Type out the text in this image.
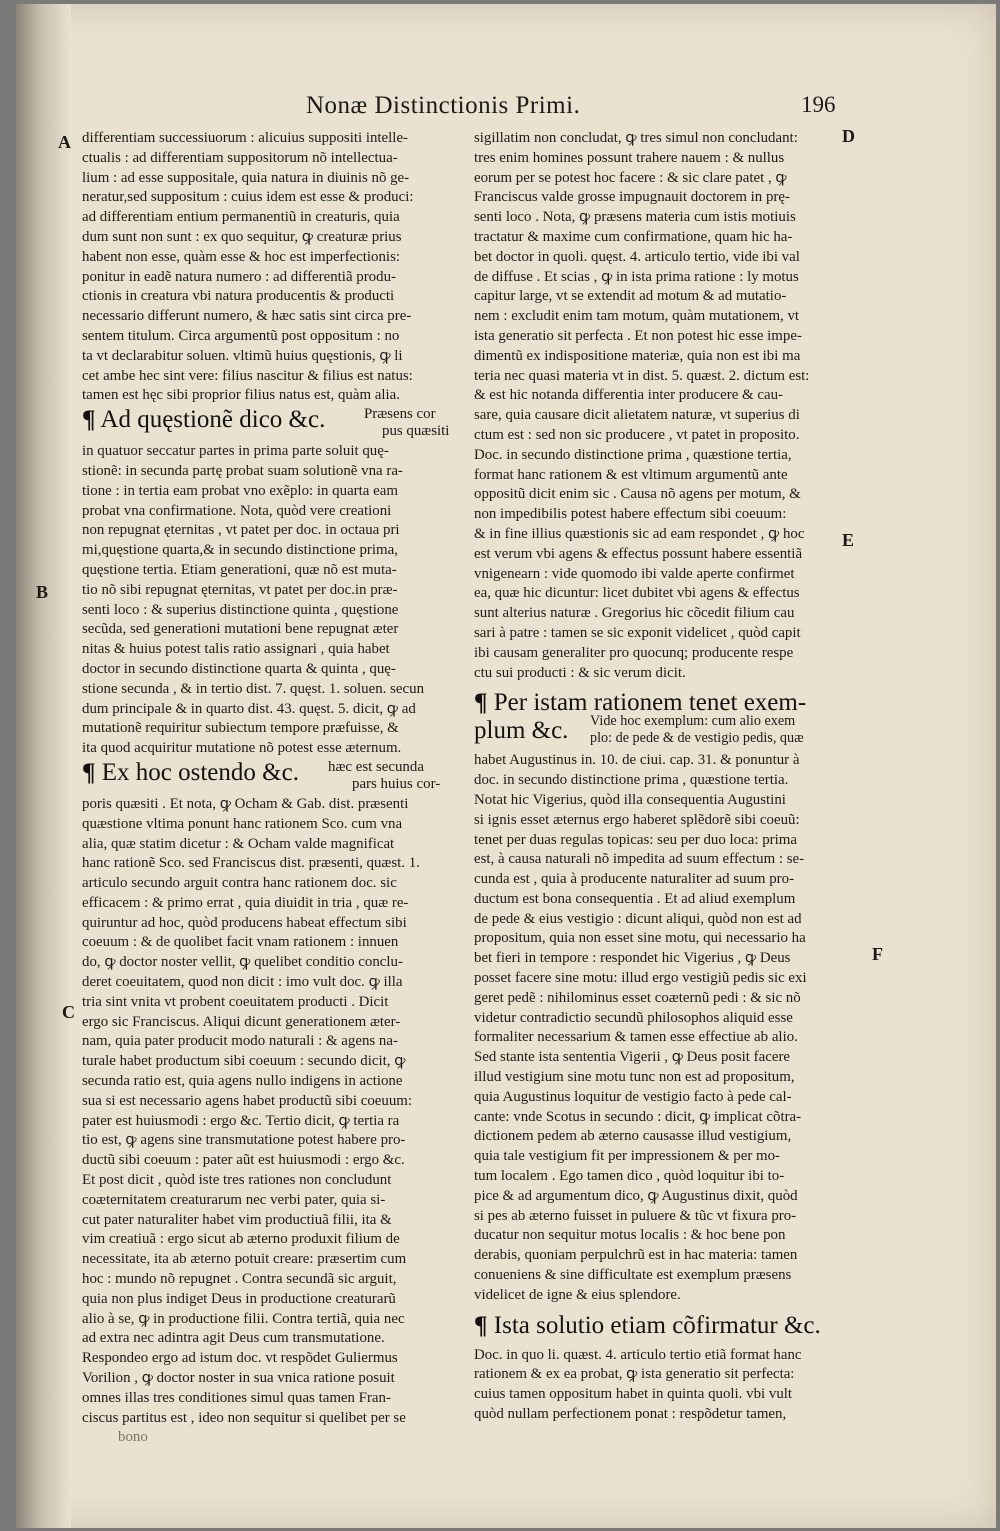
Nonæ Distinctionis Primi.	196
A
B
C
D
E
F
differentiam successiuorum : alicuius suppositi intelle-
ctualis : ad differentiam suppositorum nõ intellectua-
lium : ad esse suppositale, quia natura in diuinis nõ ge-
neratur,sed suppositum : cuius idem est esse & produci:
ad differentiam entium permanentiũ in creaturis, quia
dum sunt non sunt : ex quo sequitur, ꝙ creaturæ prius
habent non esse, quàm esse & hoc est imperfectionis:
ponitur in eadẽ natura numero : ad differentiã produ-
ctionis in creatura vbi natura producentis & producti
necessario differunt numero, & hæc satis sint circa pre-
sentem titulum. Circa argumentũ post oppositum : no
ta vt declarabitur soluen. vltimũ huius quęstionis, ꝙ li
cet ambe hec sint vere: filius nascitur & filius est natus:
tamen est hęc sibi proprior filius natus est, quàm alia.
¶ Ad quęstionẽ dico &c.	Præsens cor
pus quæsiti
in quatuor seccatur partes in prima parte soluit quę-
stionẽ: in secunda partę probat suam solutionẽ vna ra-
tione : in tertia eam probat vno exẽplo: in quarta eam
probat vna confirmatione. Nota, quòd vere creationi
non repugnat ęternitas , vt patet per doc. in octaua pri
mi,quęstione quarta,& in secundo distinctione prima,
quęstione tertia. Etiam generationi, quæ nõ est muta-
tio nõ sibi repugnat ęternitas, vt patet per doc.in præ-
senti loco : & superius distinctione quinta , quęstione
secũda, sed generationi mutationi bene repugnat æter
nitas & huius potest talis ratio assignari , quia habet
doctor in secundo distinctione quarta & quinta , quę-
stione secunda , & in tertio dist. 7. quęst. 1. soluen. secun
dum principale & in quarto dist. 43. quęst. 5. dicit, ꝙ ad
mutationẽ requiritur subiectum tempore præfuisse, &
ita quod acquiritur mutatione nõ potest esse æternum.
¶ Ex hoc ostendo &c. hæc est secunda
pars huius cor-
poris quæsiti . Et nota, ꝙ Ocham & Gab. dist. præsenti
quæstione vltima ponunt hanc rationem Sco. cum vna
alia, quæ statim dicetur : & Ocham valde magnificat
hanc rationẽ Sco. sed Franciscus dist. præsenti, quæst. 1.
articulo secundo arguit contra hanc rationem doc. sic
efficacem : & primo errat , quia diuidit in tria , quæ re-
quiruntur ad hoc, quòd producens habeat effectum sibi
coeuum : & de quolibet facit vnam rationem : innuen
do, ꝙ doctor noster vellit, ꝙ quelibet conditio conclu-
deret coeuitatem, quod non dicit : imo vult doc. ꝙ illa
tria sint vnita vt probent coeuitatem producti . Dicit
ergo sic Franciscus. Aliqui dicunt generationem æter-
nam, quia pater producit modo naturali : & agens na-
turale habet productum sibi coeuum : secundo dicit, ꝙ
secunda ratio est, quia agens nullo indigens in actione
sua si est necessario agens habet productũ sibi coeuum:
pater est huiusmodi : ergo &c. Tertio dicit, ꝙ tertia ra
tio est, ꝙ agens sine transmutatione potest habere pro-
ductũ sibi coeuum : pater aũt est huiusmodi : ergo &c.
Et post dicit , quòd iste tres rationes non concludunt
coæternitatem creaturarum nec verbi pater, quia si-
cut pater naturaliter habet vim productiuã filii, ita &
vim creatiuã : ergo sicut ab æterno produxit filium de
necessitate, ita ab æterno potuit creare: præsertim cum
hoc : mundo nõ repugnet . Contra secundã sic arguit,
quia non plus indiget Deus in productione creaturarũ
alio à se, ꝙ in productione filii. Contra tertiã, quia nec
ad extra nec adintra agit Deus cum transmutatione.
Respondeo ergo ad istum doc. vt respõdet Guliermus
Vorilion , ꝙ doctor noster in sua vnica ratione posuit
omnes illas tres conditiones simul quas tamen Fran-
ciscus partitus est , ideo non sequitur si quelibet per se
bono
sigillatim non concludat, ꝙ tres simul non concludant:
tres enim homines possunt trahere nauem : & nullus
eorum per se potest hoc facere : & sic clare patet , ꝙ
Franciscus valde grosse impugnauit doctorem in prę-
senti loco . Nota, ꝙ præsens materia cum istis motiuis
tractatur & maxime cum confirmatione, quam hic ha-
bet doctor in quoli. quęst. 4. articulo tertio, vide ibi val
de diffuse . Et scias , ꝙ in ista prima ratione : ly motus
capitur large, vt se extendit ad motum & ad mutatio-
nem : excludit enim tam motum, quàm mutationem, vt
ista generatio sit perfecta . Et non potest hic esse impe-
dimentũ ex indispositione materiæ, quia non est ibi ma
teria nec quasi materia vt in dist. 5. quæst. 2. dictum est:
& est hic notanda differentia inter producere & cau-
sare, quia causare dicit alietatem naturæ, vt superius di
ctum est : sed non sic producere , vt patet in proposito.
Doc. in secundo distinctione prima , quæstione tertia,
format hanc rationem & est vltimum argumentũ ante
oppositũ dicit enim sic . Causa nõ agens per motum, &
non impedibilis potest habere effectum sibi coeuum:
& in fine illius quæstionis sic ad eam respondet , ꝙ hoc
est verum vbi agens & effectus possunt habere essentiã
vnigenearn : vide quomodo ibi valde aperte confirmet
ea, quæ hic dicuntur: licet dubitet vbi agens & effectus
sunt alterius naturæ . Gregorius hic cõcedit filium cau
sari à patre : tamen se sic exponit videlicet , quòd capit
ibi causam generaliter pro quocunq; producente respe
ctu sui producti : & sic verum dicit.
¶ Per istam rationem tenet exem-
plum &c. Vide hoc exemplum: cum alio exem
plo: de pede & de vestigio pedis, quæ
habet Augustinus in. 10. de ciui. cap. 31. & ponuntur à
doc. in secundo distinctione prima , quæstione tertia.
Notat hic Vigerius, quòd illa consequentia Augustini
si ignis esset æternus ergo haberet splẽdorẽ sibi coeuũ:
tenet per duas regulas topicas: seu per duo loca: prima
est, à causa naturali nõ impedita ad suum effectum : se-
cunda est , quia à producente naturaliter ad suum pro-
ductum est bona consequentia . Et ad aliud exemplum
de pede & eius vestigio : dicunt aliqui, quòd non est ad
propositum, quia non esset sine motu, qui necessario ha
bet fieri in tempore : respondet hic Vigerius , ꝙ Deus
posset facere sine motu: illud ergo vestigiũ pedis sic exi
geret pedẽ : nihilominus esset coæternũ pedi : & sic nõ
videtur contradictio secundũ philosophos aliquid esse
formaliter necessarium & tamen esse effectiue ab alio.
Sed stante ista sententia Vigerii , ꝙ Deus posit facere
illud vestigium sine motu tunc non est ad propositum,
quia Augustinus loquitur de vestigio facto à pede cal-
cante: vnde Scotus in secundo : dicit, ꝙ implicat cõtra-
dictionem pedem ab æterno causasse illud vestigium,
quia tale vestigium fit per impressionem & per mo-
tum localem . Ego tamen dico , quòd loquitur ibi to-
pice & ad argumentum dico, ꝙ Augustinus dixit, quòd
si pes ab æterno fuisset in puluere & tũc vt fixura pro-
ducatur non sequitur motus localis : & hoc bene pon
derabis, quoniam perpulchrũ est in hac materia: tamen
conueniens & sine difficultate est exemplum præsens
videlicet de igne & eius splendore.
¶ Ista solutio etiam cõfirmatur &c.
Doc. in quo li. quæst. 4. articulo tertio etiã format hanc
rationem & ex ea probat, ꝙ ista generatio sit perfecta:
cuius tamen oppositum habet in quinta quoli. vbi vult
quòd nullam perfectionem ponat : respõdetur tamen,
